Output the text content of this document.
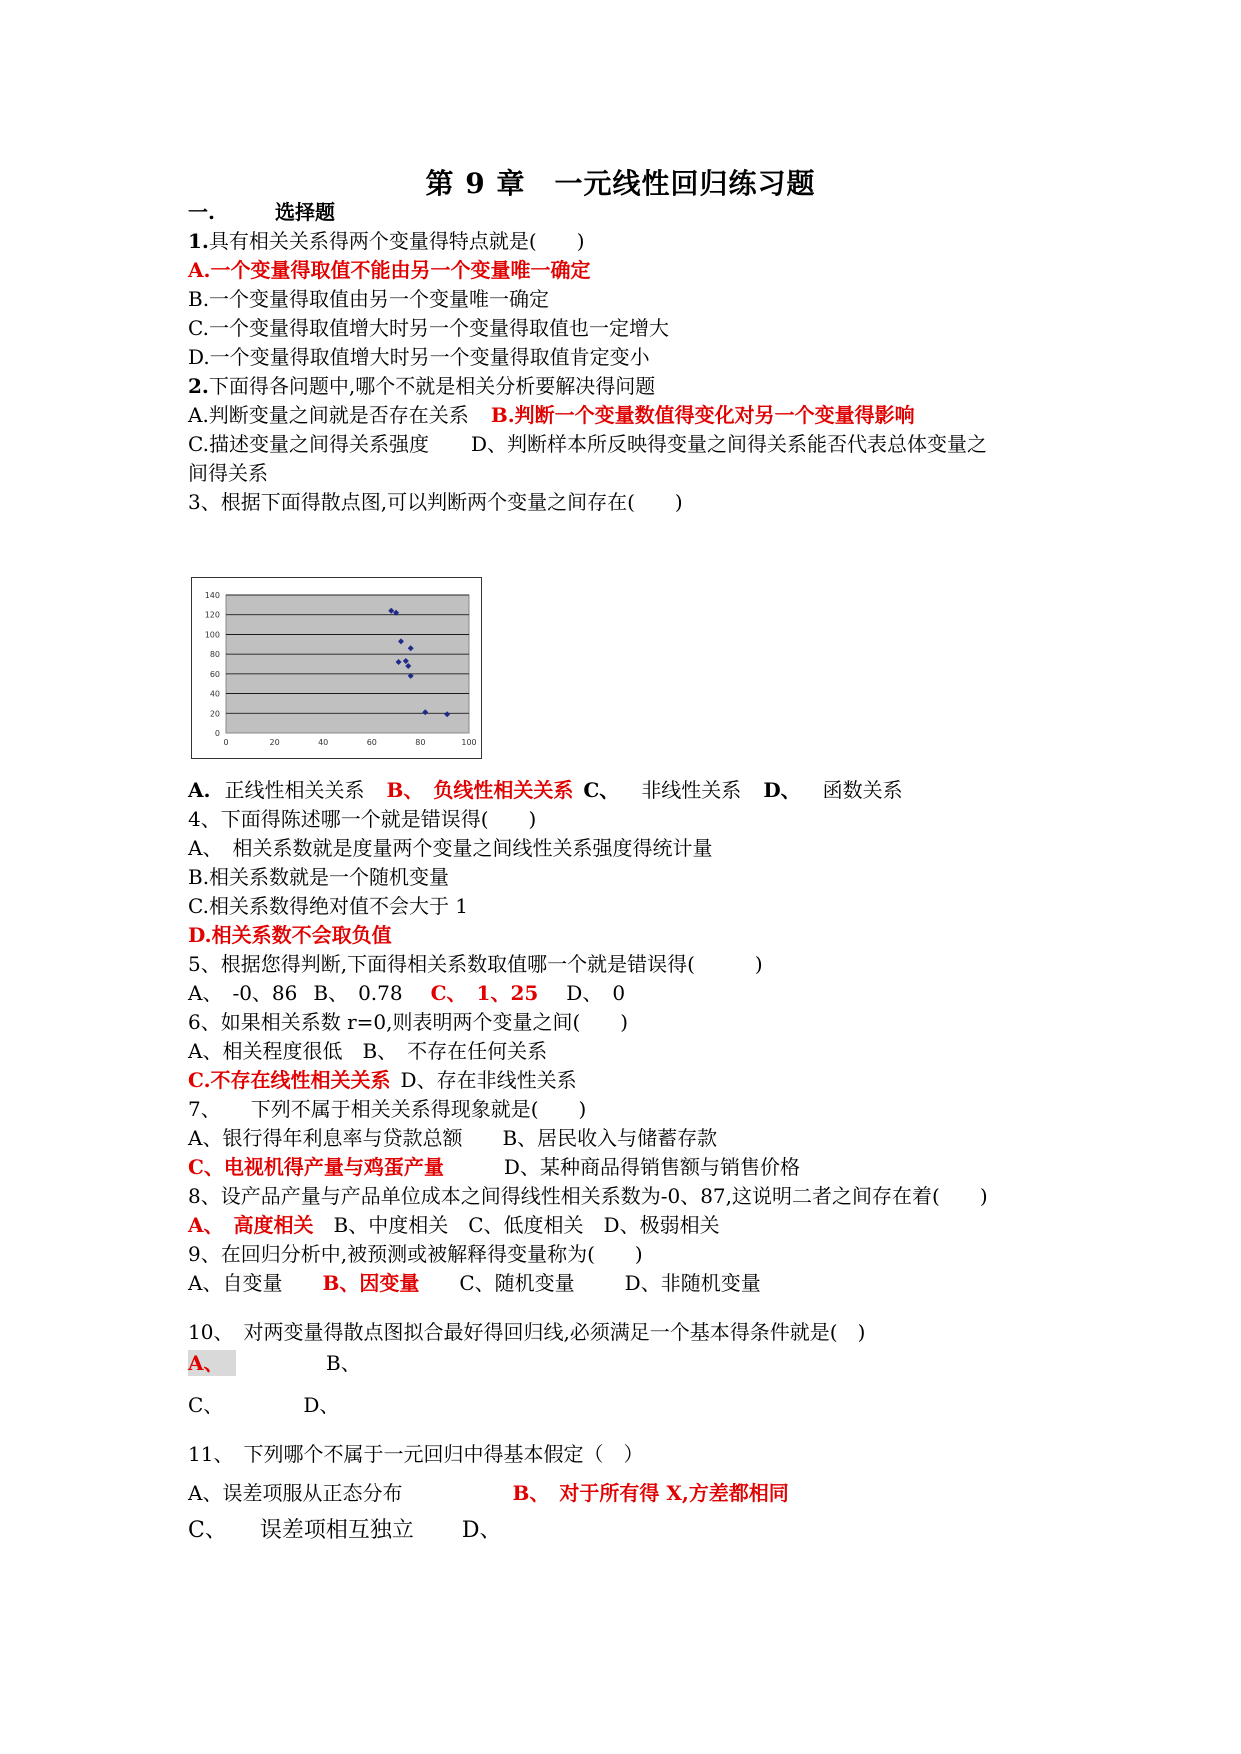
第 9 章　一元线性回归练习题
一.	选择题
1.具有相关关系得两个变量得特点就是(　　)
A.一个变量得取值不能由另一个变量唯一确定
B.一个变量得取值由另一个变量唯一确定
C.一个变量得取值增大时另一个变量得取值也一定增大
D.一个变量得取值增大时另一个变量得取值肯定变小
2.下面得各问题中,哪个不就是相关分析要解决得问题
A.判断变量之间就是否存在关系 B.判断一个变量数值得变化对另一个变量得影响
C.描述变量之间得关系强度 D、判断样本所反映得变量之间得关系能否代表总体变量之
间得关系
3、根据下面得散点图,可以判断两个变量之间存在(　　)
0
20
40
60
80
100
120
140
0	20	40	60	80	100
A. 正线性相关关系 B、　负线性相关关系 C、 非线性关系 D、 函数关系
4、下面得陈述哪一个就是错误得(　　)
A、　相关系数就是度量两个变量之间线性关系强度得统计量
B.相关系数就是一个随机变量
C.相关系数得绝对值不会大于 1
D.相关系数不会取负值
5、根据您得判断,下面得相关系数取值哪一个就是错误得(　　　)
A、　-0、86 B、　0.78 C、　1、25 D、　0
6、如果相关系数 r=0,则表明两个变量之间(　　)
A、相关程度很低 B、　不存在任何关系
C.不存在线性相关关系 D、存在非线性关系
7、　　下列不属于相关关系得现象就是(　　)
A、银行得年利息率与贷款总额 B、居民收入与储蓄存款
C、电视机得产量与鸡蛋产量	D、某种商品得销售额与销售价格
8、设产品产量与产品单位成本之间得线性相关系数为-0、87,这说明二者之间存在着(　　)
A、　高度相关 B、中度相关 C、低度相关 D、极弱相关
9、在回归分析中,被预测或被解释得变量称为(　　)
A、自变量 B、因变量 C、随机变量	D、非随机变量
10、　对两变量得散点图拟合最好得回归线,必须满足一个基本得条件就是(　)
A、	B、
C、	D、
11、　下列哪个不属于一元回归中得基本假定（　）
A、误差项服从正态分布	B、　对于所有得 X,方差都相同
C、　　误差项相互独立 D、
